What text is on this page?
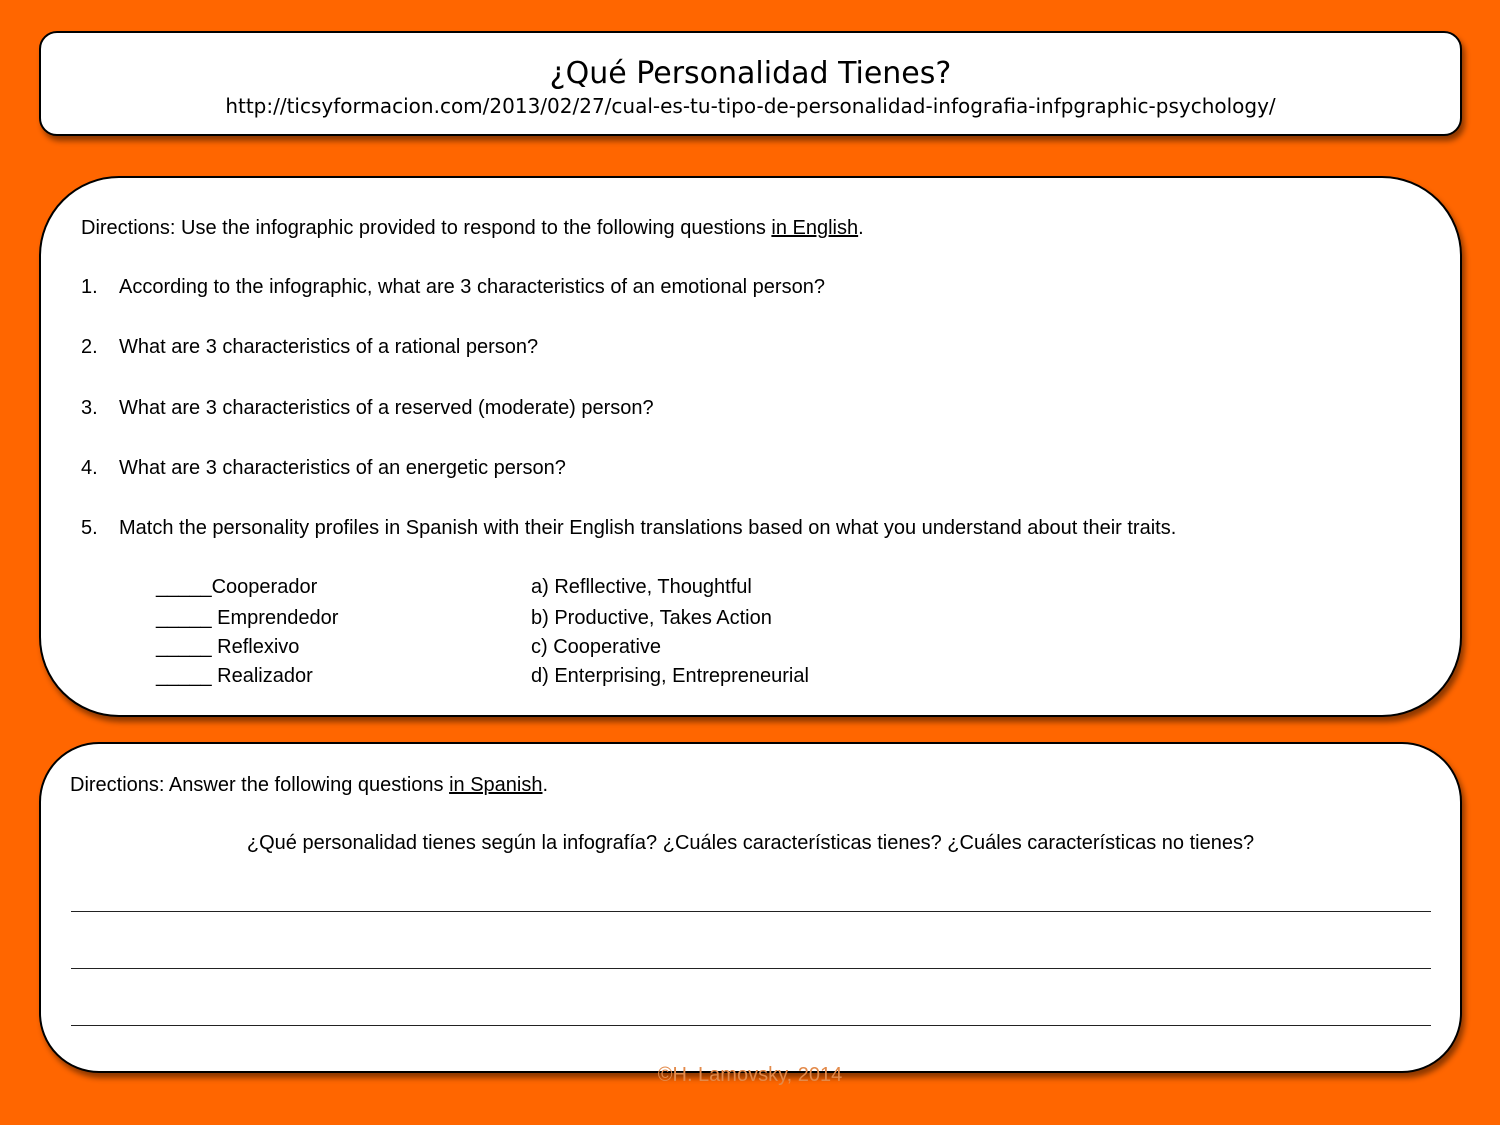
¿Qué Personalidad Tienes?
http://ticsyformacion.com/2013/02/27/cual-es-tu-tipo-de-personalidad-infografia-infpgraphic-psychology/
Directions: Use the infographic provided to respond to the following questions in English.
1. According to the infographic, what are 3 characteristics of an emotional person?
2. What are 3 characteristics of a rational person?
3. What are 3 characteristics of a reserved (moderate) person?
4. What are 3 characteristics of an energetic person?
5. Match the personality profiles in Spanish with their English translations based on what you understand about their traits.
_____Cooperador
_____ Emprendedor
_____ Reflexivo
_____ Realizador
a) Refllective, Thoughtful
b) Productive, Takes Action
c) Cooperative
d) Enterprising, Entrepreneurial
Directions: Answer the following questions in Spanish.
¿Qué personalidad tienes según la infografía? ¿Cuáles características tienes? ¿Cuáles características no tienes?
©H. Lamovsky, 2014
